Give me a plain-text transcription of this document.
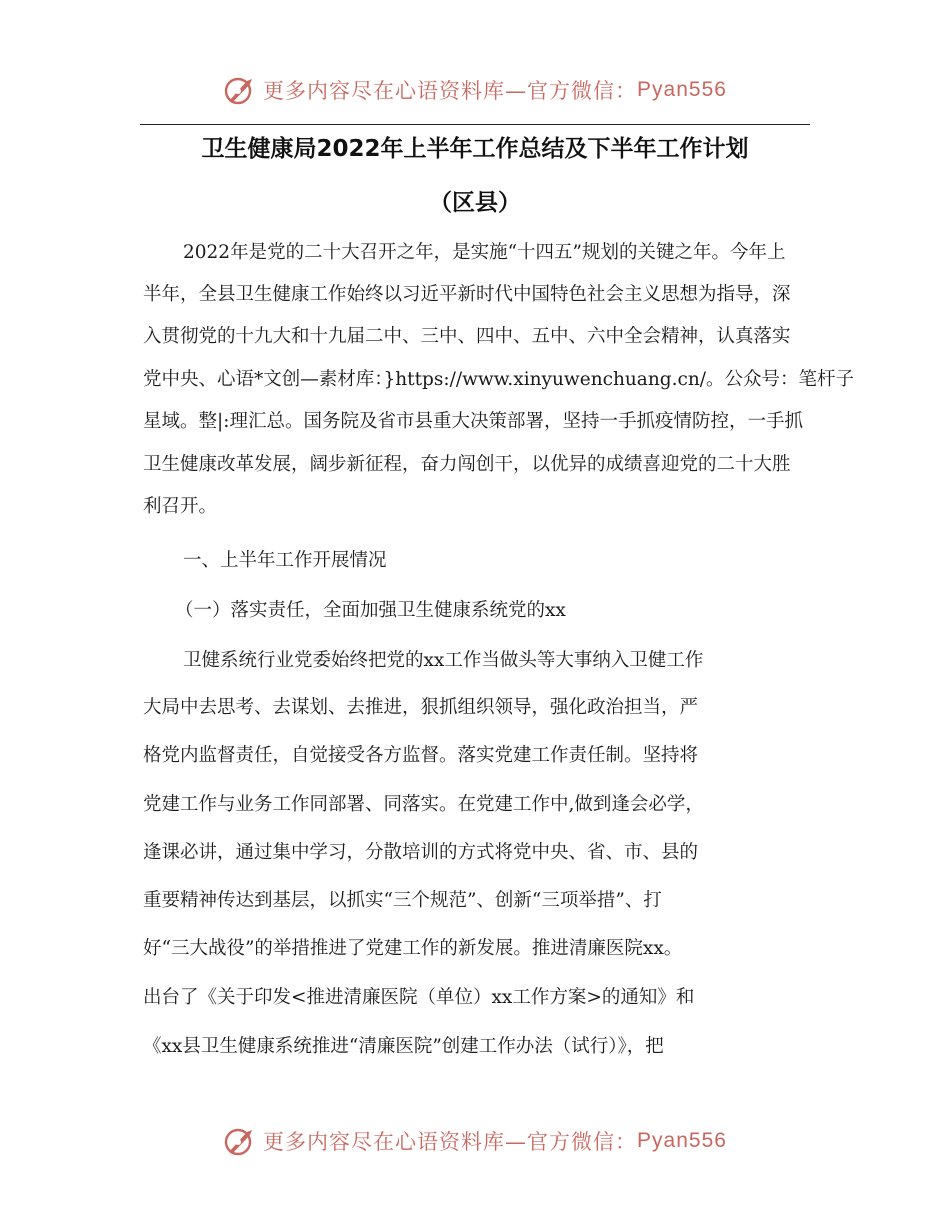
更多内容尽在心语资料库—官方微信： Pyan556
卫生健康局2022年上半年工作总结及下半年工作计划
（区县）
2022年是党的二十大召开之年，是实施“十四五”规划的关键之年。今年上
半年，全县卫生健康工作始终以习近平新时代中国特色社会主义思想为指导，深
入贯彻党的十九大和十九届二中、三中、四中、五中、六中全会精神，认真落实
党中央、心语*文创—素材库：}https://www.xinyuwenchuang.cn/。公众号：笔杆子
星域。整|:理汇总。国务院及省市县重大决策部署，坚持一手抓疫情防控，一手抓
卫生健康改革发展，阔步新征程，奋力闯创干，以优异的成绩喜迎党的二十大胜
利召开。
一、上半年工作开展情况
（一）落实责任，全面加强卫生健康系统党的xx
卫健系统行业党委始终把党的xx工作当做头等大事纳入卫健工作
大局中去思考、去谋划、去推进，狠抓组织领导，强化政治担当，严
格党内监督责任，自觉接受各方监督。落实党建工作责任制。坚持将
党建工作与业务工作同部署、同落实。在党建工作中,做到逢会必学，
逢课必讲，通过集中学习，分散培训的方式将党中央、省、市、县的
重要精神传达到基层，以抓实“三个规范”、创新“三项举措”、打
好“三大战役”的举措推进了党建工作的新发展。推进清廉医院xx。
出台了《关于印发<推进清廉医院（单位）xx工作方案>的通知》和
《xx县卫生健康系统推进“清廉医院”创建工作办法（试行）》，把
更多内容尽在心语资料库—官方微信： Pyan556
